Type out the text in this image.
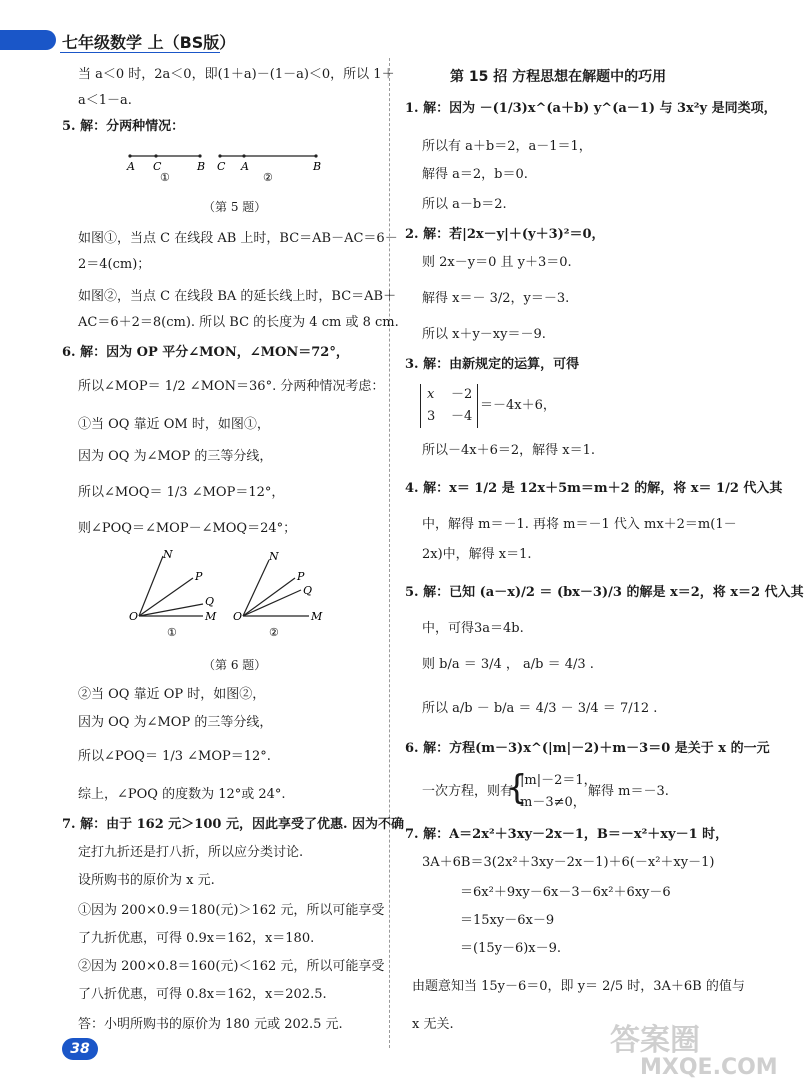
七年级数学 上（BS版）
当 a＜0 时，2a＜0，即(1＋a)－(1－a)＜0，所以 1＋
a＜1－a.
5. 解：分两种情况：
A C	B C A	B
①	②
（第 5 题）
如图①，当点 C 在线段 AB 上时，BC＝AB－AC＝6－
2＝4(cm)；
如图②，当点 C 在线段 BA 的延长线上时，BC＝AB＋
AC＝6＋2＝8(cm). 所以 BC 的长度为 4 cm 或 8 cm.
6. 解：因为 OP 平分∠MON，∠MON＝72°，
所以∠MOP＝ 1/2 ∠MON＝36°. 分两种情况考虑：
①当 OQ 靠近 OM 时，如图①，
因为 OQ 为∠MOP 的三等分线，
所以∠MOQ＝ 1/3 ∠MOP＝12°，
则∠POQ＝∠MOP－∠MOQ＝24°；
N
P
Q
O	M
①
N
P
Q
O	M
②
（第 6 题）
②当 OQ 靠近 OP 时，如图②，
因为 OQ 为∠MOP 的三等分线，
所以∠POQ＝ 1/3 ∠MOP＝12°.
综上，∠POQ 的度数为 12°或 24°.
7. 解：由于 162 元＞100 元，因此享受了优惠. 因为不确
定打九折还是打八折，所以应分类讨论.
设所购书的原价为 x 元.
①因为 200×0.9＝180(元)＞162 元，所以可能享受
了九折优惠，可得 0.9x＝162，x＝180.
②因为 200×0.8＝160(元)＜162 元，所以可能享受
了八折优惠，可得 0.8x＝162，x＝202.5.
答：小明所购书的原价为 180 元或 202.5 元.
第 15 招 方程思想在解题中的巧用
1. 解：因为 －(1/3)x^(a＋b) y^(a－1) 与 3x²y 是同类项，
所以有 a＋b＝2，a－1＝1，
解得 a＝2，b＝0.
所以 a－b＝2.
2. 解：若|2x－y|＋(y＋3)²＝0，
则 2x－y＝0 且 y＋3＝0.
解得 x＝－ 3/2，y＝－3.
所以 x＋y－xy＝－9.
3. 解：由新规定的运算，可得
x －2
3 －4
＝－4x＋6，
所以－4x＋6＝2，解得 x＝1.
4. 解：x＝ 1/2 是 12x＋5m＝m＋2 的解，将 x＝ 1/2 代入其
中，解得 m＝－1. 再将 m＝－1 代入 mx＋2＝m(1－
2x)中，解得 x＝1.
5. 解：已知 (a－x)/2 ＝ (bx－3)/3 的解是 x＝2，将 x＝2 代入其
中，可得3a＝4b.
则 b/a ＝ 3/4 ， a/b ＝ 4/3 .
所以 a/b － b/a ＝ 4/3 － 3/4 ＝ 7/12 .
6. 解：方程(m－3)x^(|m|－2)＋m－3＝0 是关于 x 的一元
一次方程，则有
{
|m|－2＝1，
m－3≠0，
解得 m＝－3.
7. 解：A＝2x²＋3xy－2x－1，B＝－x²＋xy－1 时，
3A＋6B＝3(2x²＋3xy－2x－1)＋6(－x²＋xy－1)
＝6x²＋9xy－6x－3－6x²＋6xy－6
＝15xy－6x－9
＝(15y－6)x－9.
由题意知当 15y－6＝0，即 y＝ 2/5 时，3A＋6B 的值与
x 无关.
38	答案圈
MXQE.COM
